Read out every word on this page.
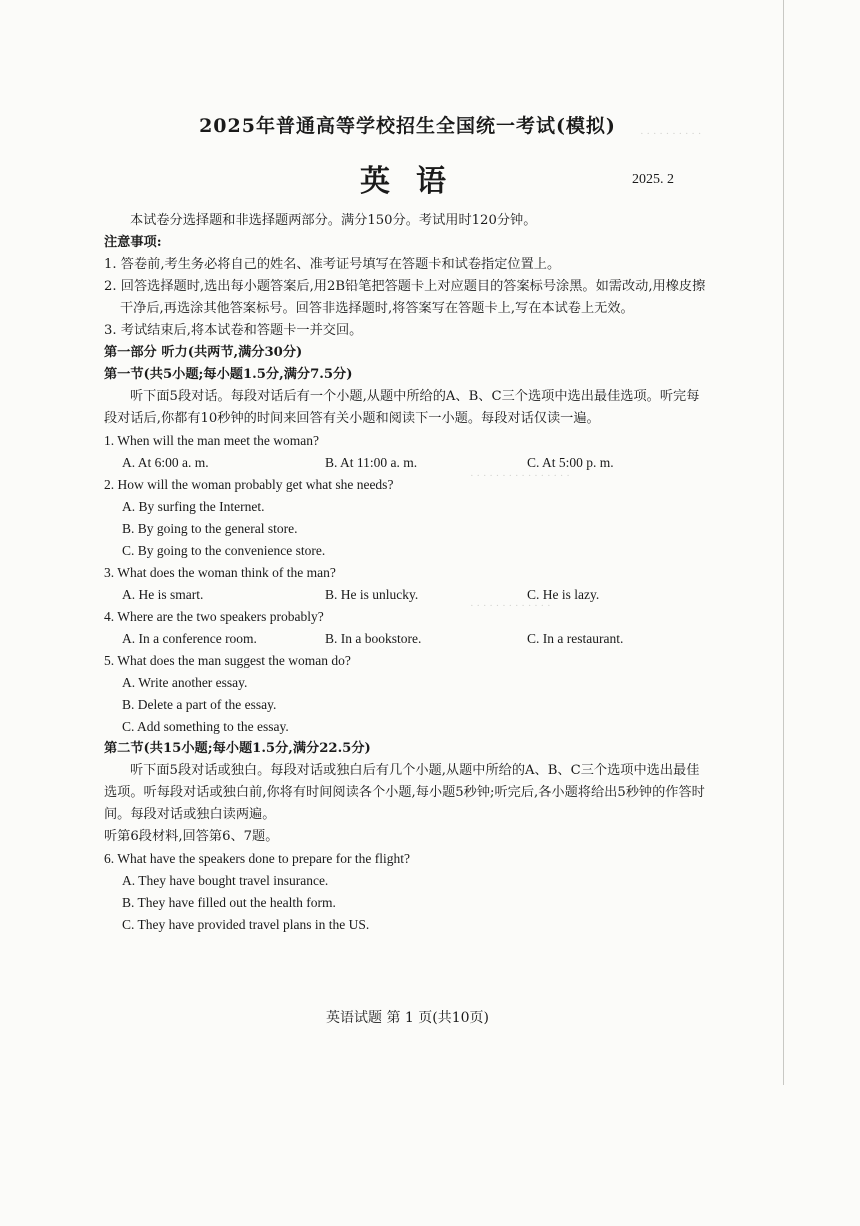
· · · · · · · · · ·
· · · · · · · · · · · · · · · ·
· · · · · · · · · · · · ·
2025年普通高等学校招生全国统一考试(模拟)
英语	2025. 2

本试卷分选择题和非选择题两部分。满分150分。考试用时120分钟。

注意事项:

1. 答卷前,考生务必将自己的姓名、准考证号填写在答题卡和试卷指定位置上。

2. 回答选择题时,选出每小题答案后,用2B铅笔把答题卡上对应题目的答案标号涂黑。如需改动,用橡皮擦干净后,再选涂其他答案标号。回答非选择题时,将答案写在答题卡上,写在本试卷上无效。

3. 考试结束后,将本试卷和答题卡一并交回。

第一部分 听力(共两节,满分30分)

第一节(共5小题;每小题1.5分,满分7.5分)

听下面5段对话。每段对话后有一个小题,从题中所给的A、B、C三个选项中选出最佳选项。听完每段对话后,你都有10秒钟的时间来回答有关小题和阅读下一小题。每段对话仅读一遍。

1. When will the man meet the woman?

A. At 6:00 a. m.	B. At 11:00 a. m.	C. At 5:00 p. m.

2. How will the woman probably get what she needs?

A. By surfing the Internet.

B. By going to the general store.

C. By going to the convenience store.

3. What does the woman think of the man?

A. He is smart.	B. He is unlucky.	C. He is lazy.

4. Where are the two speakers probably?

A. In a conference room.	B. In a bookstore.	C. In a restaurant.

5. What does the man suggest the woman do?

A. Write another essay.

B. Delete a part of the essay.

C. Add something to the essay.

第二节(共15小题;每小题1.5分,满分22.5分)

听下面5段对话或独白。每段对话或独白后有几个小题,从题中所给的A、B、C三个选项中选出最佳选项。听每段对话或独白前,你将有时间阅读各个小题,每小题5秒钟;听完后,各小题将给出5秒钟的作答时间。每段对话或独白读两遍。

听第6段材料,回答第6、7题。

6. What have the speakers done to prepare for the flight?

A. They have bought travel insurance.

B. They have filled out the health form.

C. They have provided travel plans in the US.

英语试题 第 1 页(共10页)
